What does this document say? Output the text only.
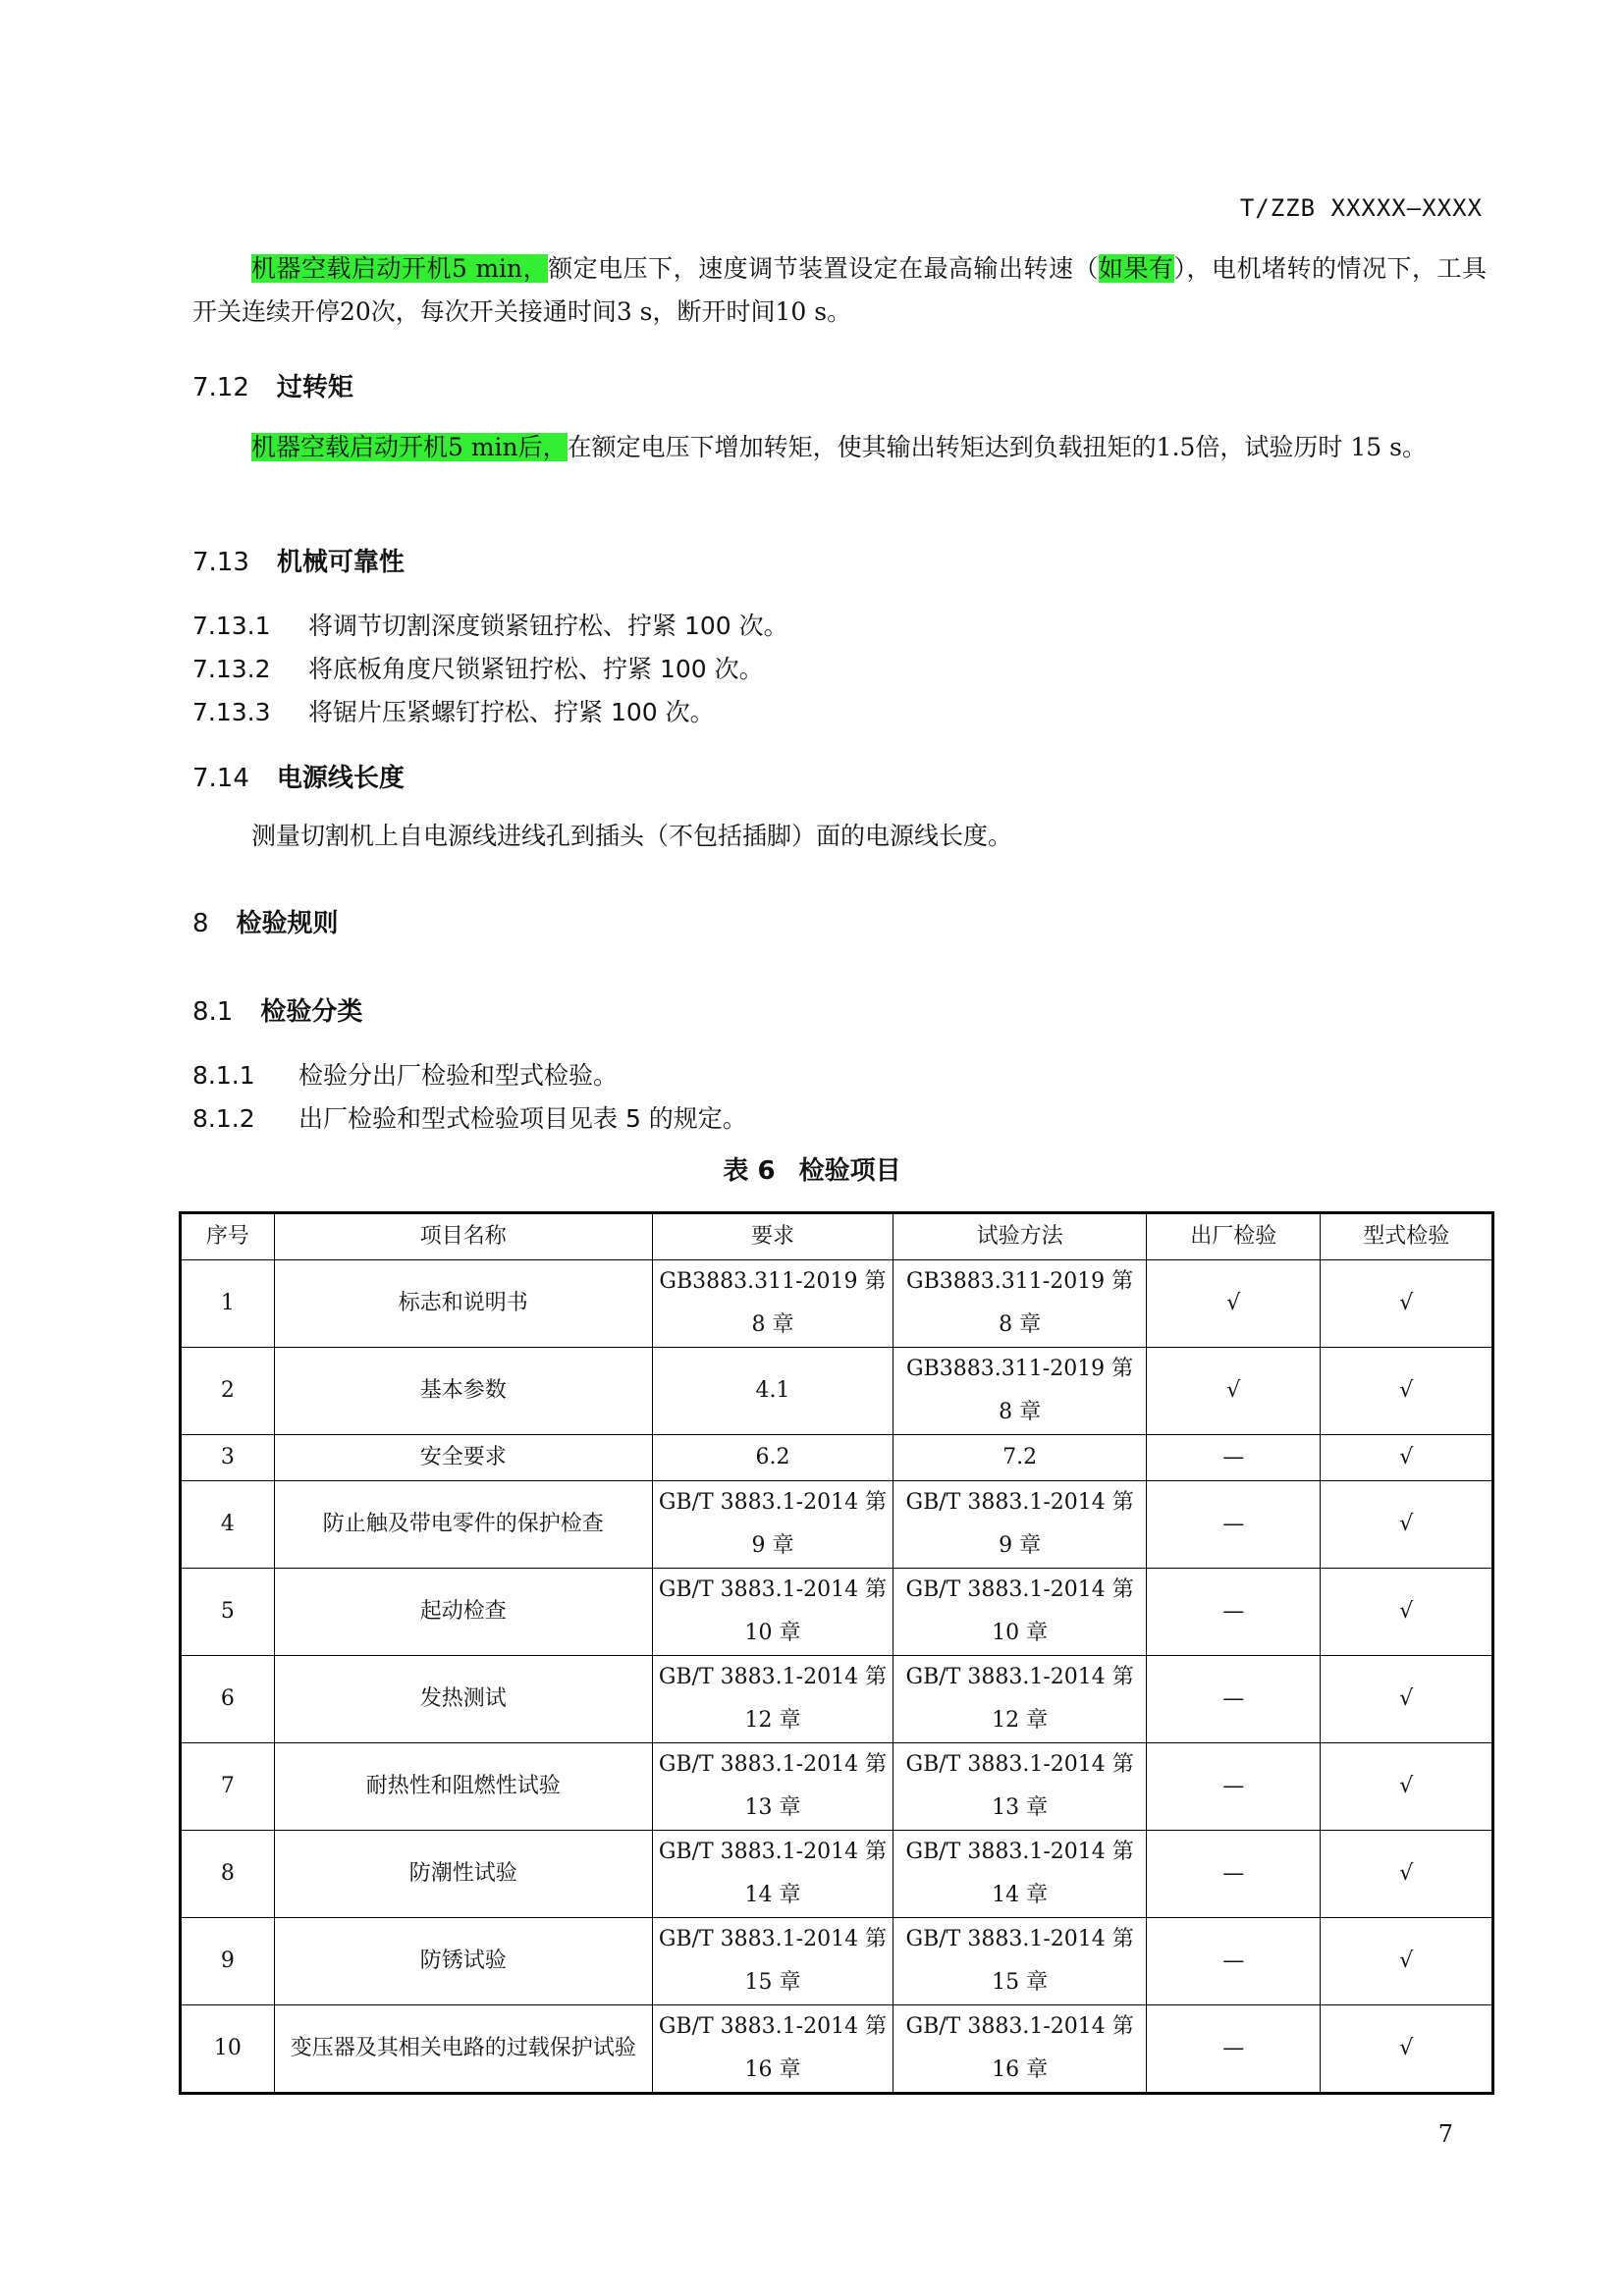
T/ZZB XXXXX—XXXX

机器空载启动开机5 min，额定电压下，速度调节装置设定在最高输出转速（如果有），电机堵转的情况下，工具开关连续开停20次，每次开关接通时间3 s，断开时间10 s。

7.12 过转矩

机器空载启动开机5 min后，在额定电压下增加转矩，使其输出转矩达到负载扭矩的1.5倍，试验历时 15 s。

7.13 机械可靠性
7.13.1 将调节切割深度锁紧钮拧松、拧紧 100 次。
7.13.2 将底板角度尺锁紧钮拧松、拧紧 100 次。
7.13.3 将锯片压紧螺钉拧松、拧紧 100 次。
7.14 电源线长度

测量切割机上自电源线进线孔到插头（不包括插脚）面的电源线长度。

8 检验规则
8.1 检验分类
8.1.1 检验分出厂检验和型式检验。
8.1.2 出厂检验和型式检验项目见表 5 的规定。
表 6 检验项目
序号	项目名称	要求	试验方法	出厂检验	型式检验
1	标志和说明书	GB3883.311-2019 第 8 章	GB3883.311-2019 第 8 章	√	√
2	基本参数	4.1	GB3883.311-2019 第 8 章	√	√
3	安全要求	6.2	7.2	—	√
4	防止触及带电零件的保护检查	GB/T 3883.1-2014 第 9 章	GB/T 3883.1-2014 第 9 章	—	√
5	起动检查	GB/T 3883.1-2014 第 10 章	GB/T 3883.1-2014 第 10 章	—	√
6	发热测试	GB/T 3883.1-2014 第 12 章	GB/T 3883.1-2014 第 12 章	—	√
7	耐热性和阻燃性试验	GB/T 3883.1-2014 第 13 章	GB/T 3883.1-2014 第 13 章	—	√
8	防潮性试验	GB/T 3883.1-2014 第 14 章	GB/T 3883.1-2014 第 14 章	—	√
9	防锈试验	GB/T 3883.1-2014 第 15 章	GB/T 3883.1-2014 第 15 章	—	√
10	变压器及其相关电路的过载保护试验	GB/T 3883.1-2014 第 16 章	GB/T 3883.1-2014 第 16 章	—	√
7
